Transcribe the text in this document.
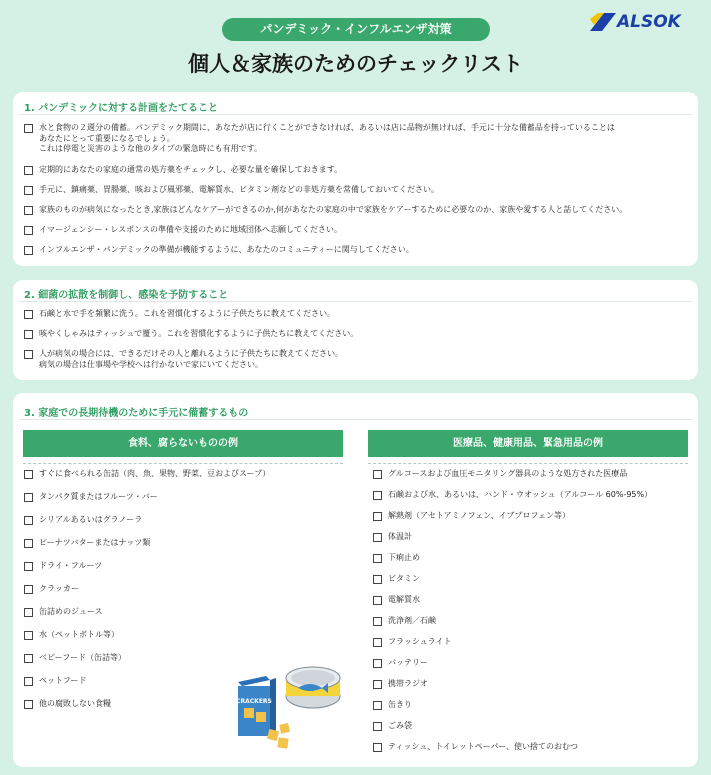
パンデミック・インフルエンザ対策	ALSOK
個人＆家族のためのチェックリスト
1. パンデミックに対する計画をたてること
水と食物の２週分の備蓄。パンデミック期間に、あなたが店に行くことができなければ、あるいは店に品物が無ければ、手元に十分な備蓄品を持っていることは
あなたにとって重要になるでしょう。
これは停電と災害のような他のタイプの緊急時にも有用です。
定期的にあなたの家庭の通常の処方薬をチェックし、必要な量を確保しておきます。
手元に、鎮痛薬、胃腸薬、咳および風邪薬、電解質水、ビタミン剤などの非処方薬を常備しておいてください。
家族のものが病気になったとき,家族はどんなケアーができるのか,何があなたの家庭の中で家族をケアーするために必要なのか、家族や愛する人と話してください。
イマージェンシー・レスポンスの準備や支援のために地域団体へ志願してください。
インフルエンザ・パンデミックの準備が機能するように、あなたのコミュニティーに関与してください。
2. 細菌の拡散を制御し、感染を予防すること
石鹸と水で手を頻繁に洗う。これを習慣化するように子供たちに教えてください。
咳やくしゃみはティッシュで覆う。これを習慣化するように子供たちに教えてください。
人が病気の場合には、できるだけその人と離れるように子供たちに教えてください。
病気の場合は仕事場や学校へは行かないで家にいてください。
3. 家庭での長期待機のために手元に備蓄するもの
食料、腐らないものの例	医療品、健康用品、緊急用品の例
すぐに食べられる缶詰（肉、魚、果物、野菜、豆およびスープ）
タンパク質またはフルーツ・バー
シリアルあるいはグラノーラ
ピーナツバターまたはナッツ類
ドライ・フルーツ
クラッカー
缶詰めのジュース
水（ペットボトル等）
ベビーフード（缶詰等）
ペットフード
他の腐敗しない食糧
グルコースおよび血圧モニタリング器具のような処方された医療品
石鹸および水、あるいは、ハンド・ウオッシュ（アルコール 60%-95%）
解熱剤（アセトアミノフェン、イブプロフェン等）
体温計
下痢止め
ビタミン
電解質水
洗浄剤／石鹸
フラッシュライト
バッテリー
携帯ラジオ
缶きり
ごみ袋
ティッシュ、トイレットペーパー、使い捨てのおむつ
CRACKERS
